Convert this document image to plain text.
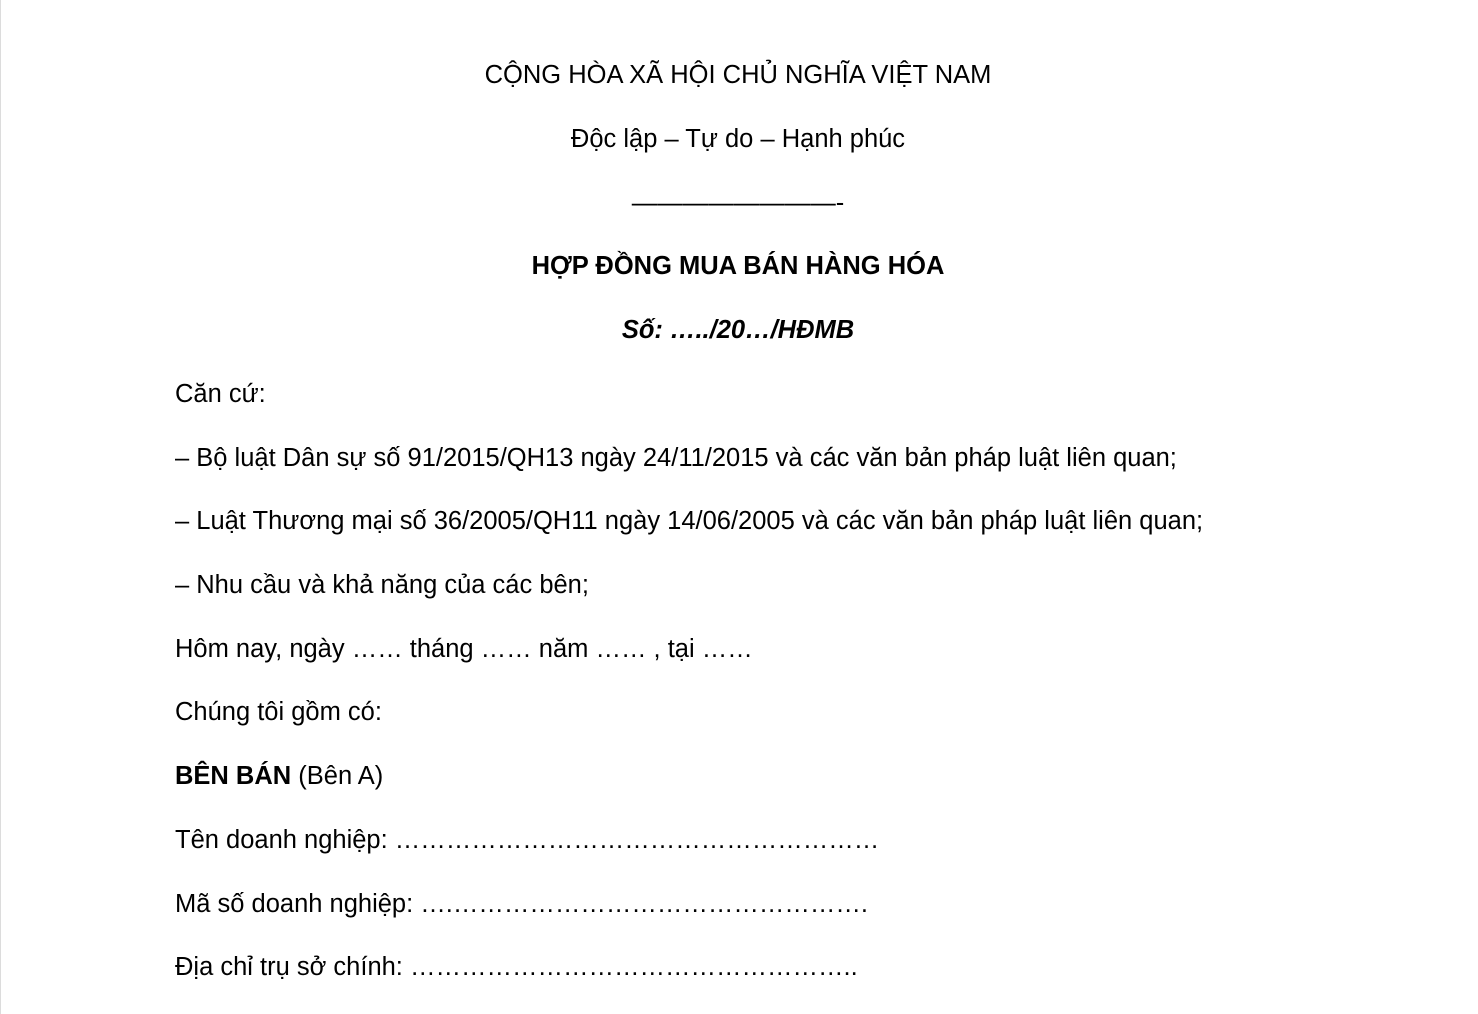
CỘNG HÒA XÃ HỘI CHỦ NGHĨA VIỆT NAM
Độc lập – Tự do – Hạnh phúc
————————-
HỢP ĐỒNG MUA BÁN HÀNG HÓA
Số: …../20…/HĐMB
Căn cứ:
– Bộ luật Dân sự số 91/2015/QH13 ngày 24/11/2015 và các văn bản pháp luật liên quan;
– Luật Thương mại số 36/2005/QH11 ngày 14/06/2005 và các văn bản pháp luật liên quan;
– Nhu cầu và khả năng của các bên;
Hôm nay, ngày …… tháng …… năm …… , tại ……
Chúng tôi gồm có:
BÊN BÁN (Bên A)
Tên doanh nghiệp: …………………………………………………
Mã số doanh nghiệp: ….………………………………………….
Địa chỉ trụ sở chính: ……………………………………………..
